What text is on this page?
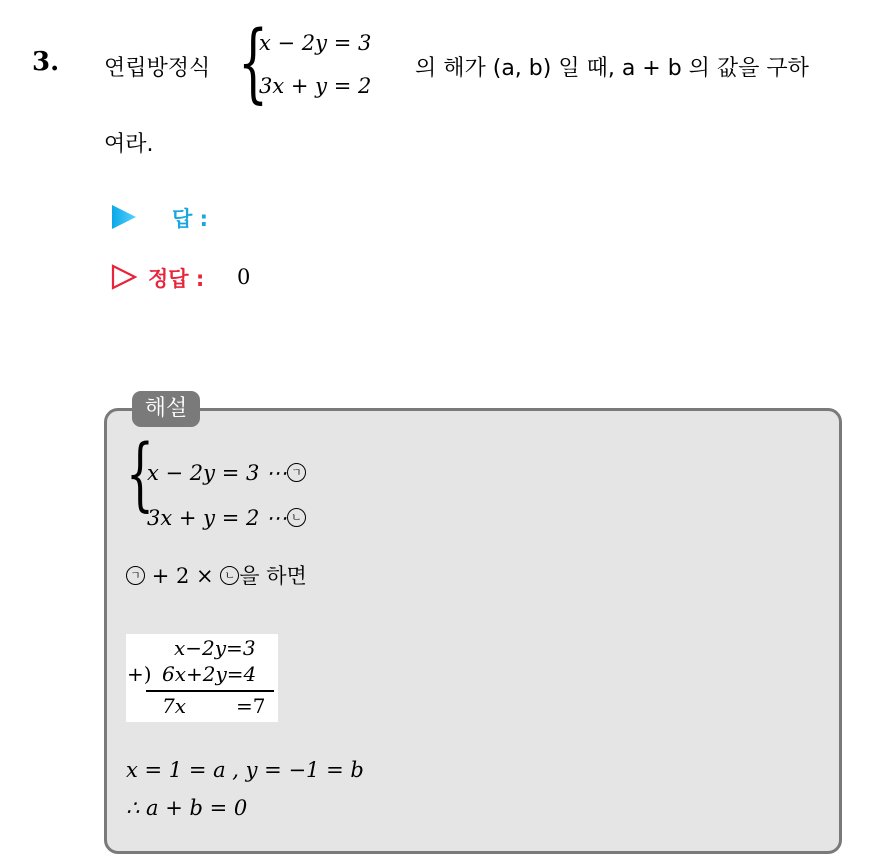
3. 연립방정식 {
x − 2y = 3
3x + y = 2
의 해가 (a, b) 일 때, a + b 의 값을 구하
여라.
답 :
정답 : 0
해설
{
x − 2y = 3 ⋯ ㄱ
3x + y = 2 ⋯ ㄴ
ㄱ + 2 × ㄴ 을 하면
x−2y=3
+) 6x+2y=4
7x =7
x = 1 = a , y = −1 = b
∴ a + b = 0
